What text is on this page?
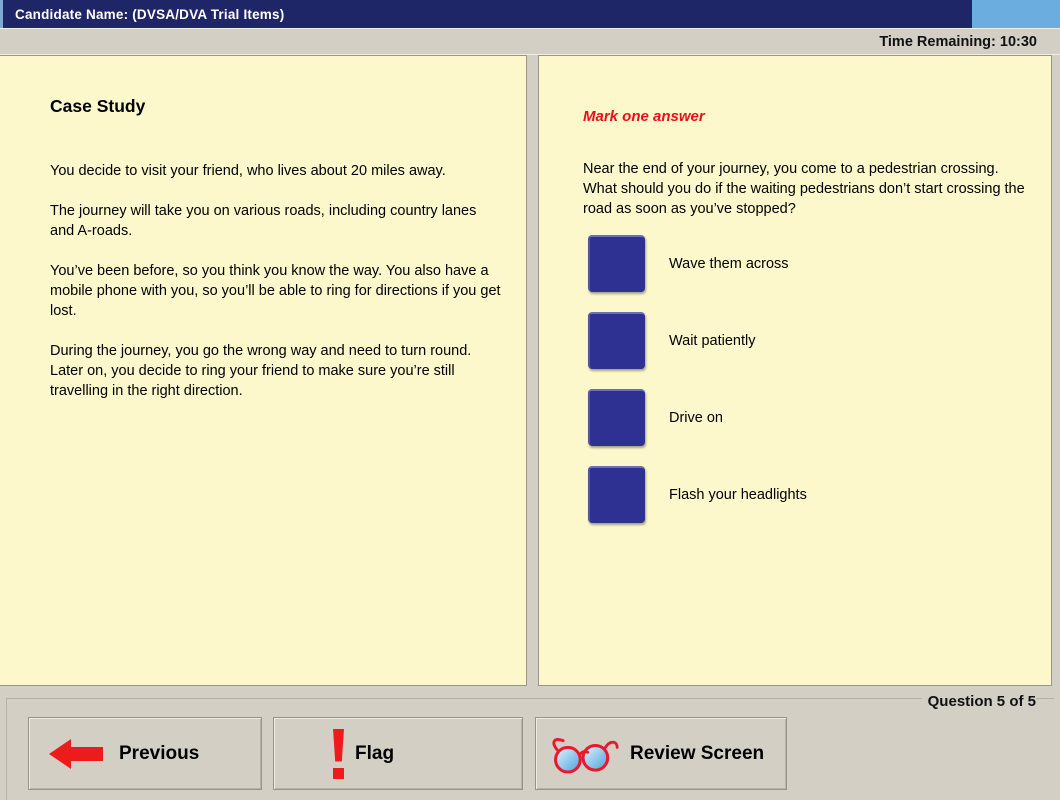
Candidate Name: (DVSA/DVA Trial Items)
Time Remaining: 10:30
Case Study

You decide to visit your friend, who lives about 20 miles away.

The journey will take you on various roads, including country lanes and A-roads.

You’ve been before, so you think you know the way. You also have a mobile phone with you, so you’ll be able to ring for directions if you get lost.

During the journey, you go the wrong way and need to turn round. Later on, you decide to ring your friend to make sure you’re still travelling in the right direction.

Mark one answer

Near the end of your journey, you come to a pedestrian crossing. What should you do if the waiting pedestrians don’t start crossing the road as soon as you’ve stopped?

Wave them across
Wait patiently
Drive on
Flash your headlights
Question 5 of 5
Previous	Flag	Review Screen
